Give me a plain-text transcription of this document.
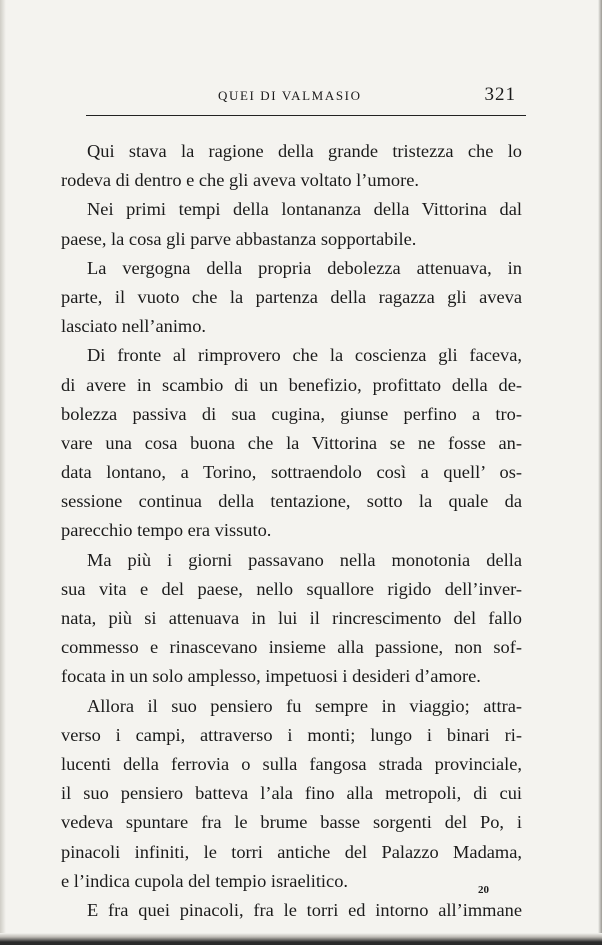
QUEI DI VALMASIO	321
Qui stava la ragione della grande tristezza che lo
rodeva di dentro e che gli aveva voltato l’umore.
Nei primi tempi della lontananza della Vittorina dal
paese, la cosa gli parve abbastanza sopportabile.
La vergogna della propria debolezza attenuava, in
parte, il vuoto che la partenza della ragazza gli aveva
lasciato nell’animo.
Di fronte al rimprovero che la coscienza gli faceva,
di avere in scambio di un benefizio, profittato della de-
bolezza passiva di sua cugina, giunse perfino a tro-
vare una cosa buona che la Vittorina se ne fosse an-
data lontano, a Torino, sottraendolo così a quell’ os-
sessione continua della tentazione, sotto la quale da
parecchio tempo era vissuto.
Ma più i giorni passavano nella monotonia della
sua vita e del paese, nello squallore rigido dell’inver-
nata, più si attenuava in lui il rincrescimento del fallo
commesso e rinascevano insieme alla passione, non sof-
focata in un solo amplesso, impetuosi i desideri d’amore.
Allora il suo pensiero fu sempre in viaggio; attra-
verso i campi, attraverso i monti; lungo i binari ri-
lucenti della ferrovia o sulla fangosa strada provinciale,
il suo pensiero batteva l’ala fino alla metropoli, di cui
vedeva spuntare fra le brume basse sorgenti del Po, i
pinacoli infiniti, le torri antiche del Palazzo Madama,
e l’indica cupola del tempio israelitico.
E fra quei pinacoli, fra le torri ed intorno all’immane
20
